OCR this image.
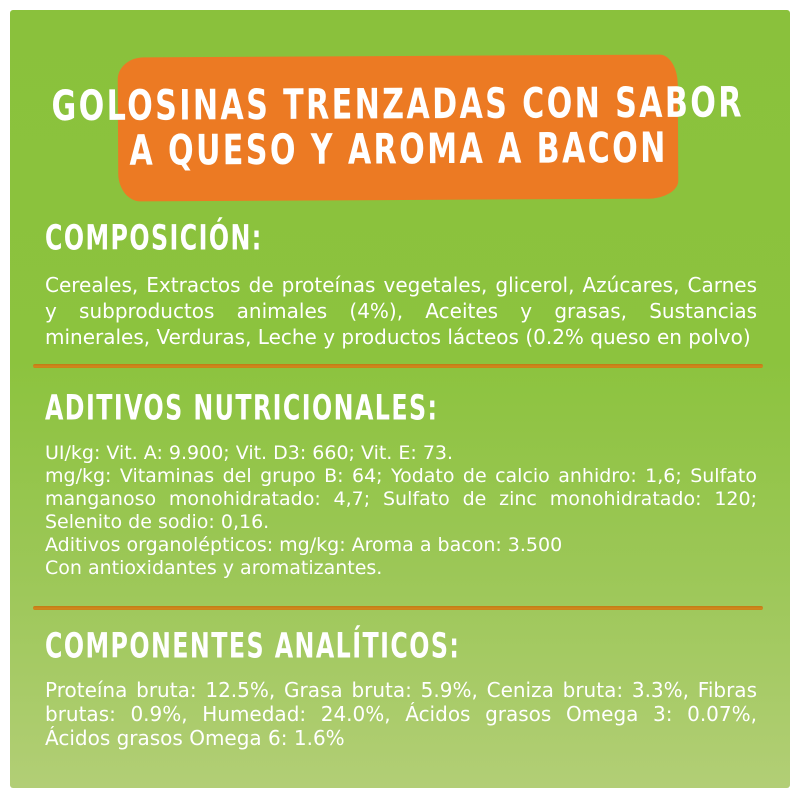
GOLOSINAS TRENZADAS CON SABOR
A QUESO Y AROMA A BACON
COMPOSICIÓN:

Cereales, Extractos de proteínas vegetales, glicerol, Azúcares, Carnes y subproductos animales (4%), Aceites y grasas, Sustancias minerales, Verduras, Leche y productos lácteos (0.2% queso en polvo)

ADITIVOS NUTRICIONALES:

UI/kg: Vit. A: 9.900; Vit. D3: 660; Vit. E: 73.

mg/kg: Vitaminas del grupo B: 64; Yodato de calcio anhidro: 1,6; Sulfato manganoso monohidratado: 4,7; Sulfato de zinc monohidratado: 120; Selenito de sodio: 0,16.

Aditivos organolépticos: mg/kg: Aroma a bacon: 3.500

Con antioxidantes y aromatizantes.

COMPONENTES ANALÍTICOS:

Proteína bruta: 12.5%, Grasa bruta: 5.9%, Ceniza bruta: 3.3%, Fibras brutas: 0.9%, Humedad: 24.0%, Ácidos grasos Omega 3: 0.07%, Ácidos grasos Omega 6: 1.6%
